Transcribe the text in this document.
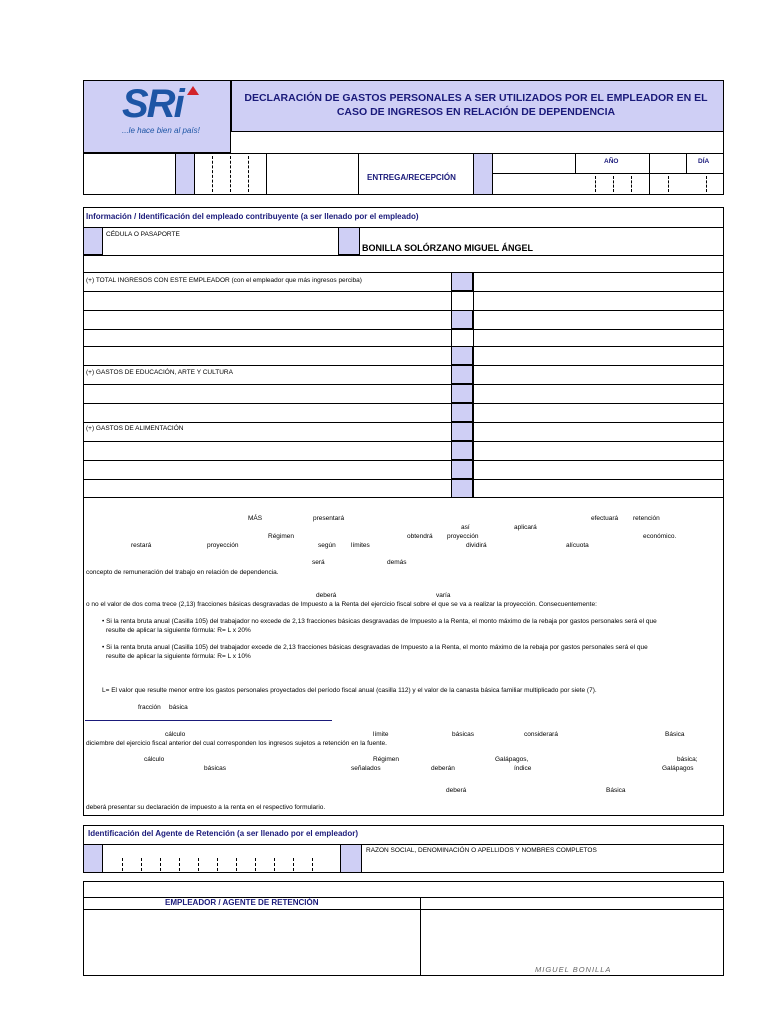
SRi
...le hace bien al país!
DECLARACIÓN DE GASTOS PERSONALES A SER UTILIZADOS POR EL EMPLEADOR EN EL CASO DE INGRESOS EN RELACIÓN DE DEPENDENCIA
ENTREGA/RECEPCIÓN
AÑO	DÍA
Información / Identificación del empleado contribuyente (a ser llenado por el empleado)
CÉDULA O PASAPORTE
BONILLA SOLÓRZANO MIGUEL ÁNGEL
(+) TOTAL INGRESOS CON ESTE EMPLEADOR (con el empleador que más ingresos perciba)
(+) GASTOS DE EDUCACIÓN, ARTE Y CULTURA
(+) GASTOS DE ALIMENTACIÓN
MÁS	presentará	efectuará retención
así	aplicará
Régimen	obtendrá proyección	económico.
restará	proyección	según límites	dividirá	alícuota
será	demás
concepto de remuneración del trabajo en relación de dependencia.
deberá	varía
o no el valor de dos coma trece (2,13) fracciones básicas desgravadas de Impuesto a la Renta del ejercicio fiscal sobre el que se va a realizar la proyección. Consecuentemente:
• Si la renta bruta anual (Casilla 105) del trabajador no excede de 2,13 fracciones básicas desgravadas de Impuesto a la Renta, el monto máximo de la rebaja por gastos personales será el que
resulte de aplicar la siguiente fórmula: R= L x 20%
• Si la renta bruta anual (Casilla 105) del trabajador excede de 2,13 fracciones básicas desgravadas de Impuesto a la Renta, el monto máximo de la rebaja por gastos personales será el que
resulte de aplicar la siguiente fórmula: R= L x 10%
L= El valor que resulte menor entre los gastos personales proyectados del período fiscal anual (casilla 112) y el valor de la canasta básica familiar multiplicado por siete (7).
fracción básica
cálculo	límite	básicas	considerará	Básica
diciembre del ejercicio fiscal anterior del cual corresponden los ingresos sujetos a retención en la fuente.
cálculo	Régimen	Galápagos,	básica;
básicas	señalados	deberán	índice	Galápagos
deberá	Básica
deberá presentar su declaración de impuesto a la renta en el respectivo formulario.
Identificación del Agente de Retención (a ser llenado por el empleador)
RAZON SOCIAL, DENOMINACIÓN O APELLIDOS Y NOMBRES COMPLETOS
EMPLEADOR / AGENTE DE RETENCIÓN
MIGUEL BONILLA
